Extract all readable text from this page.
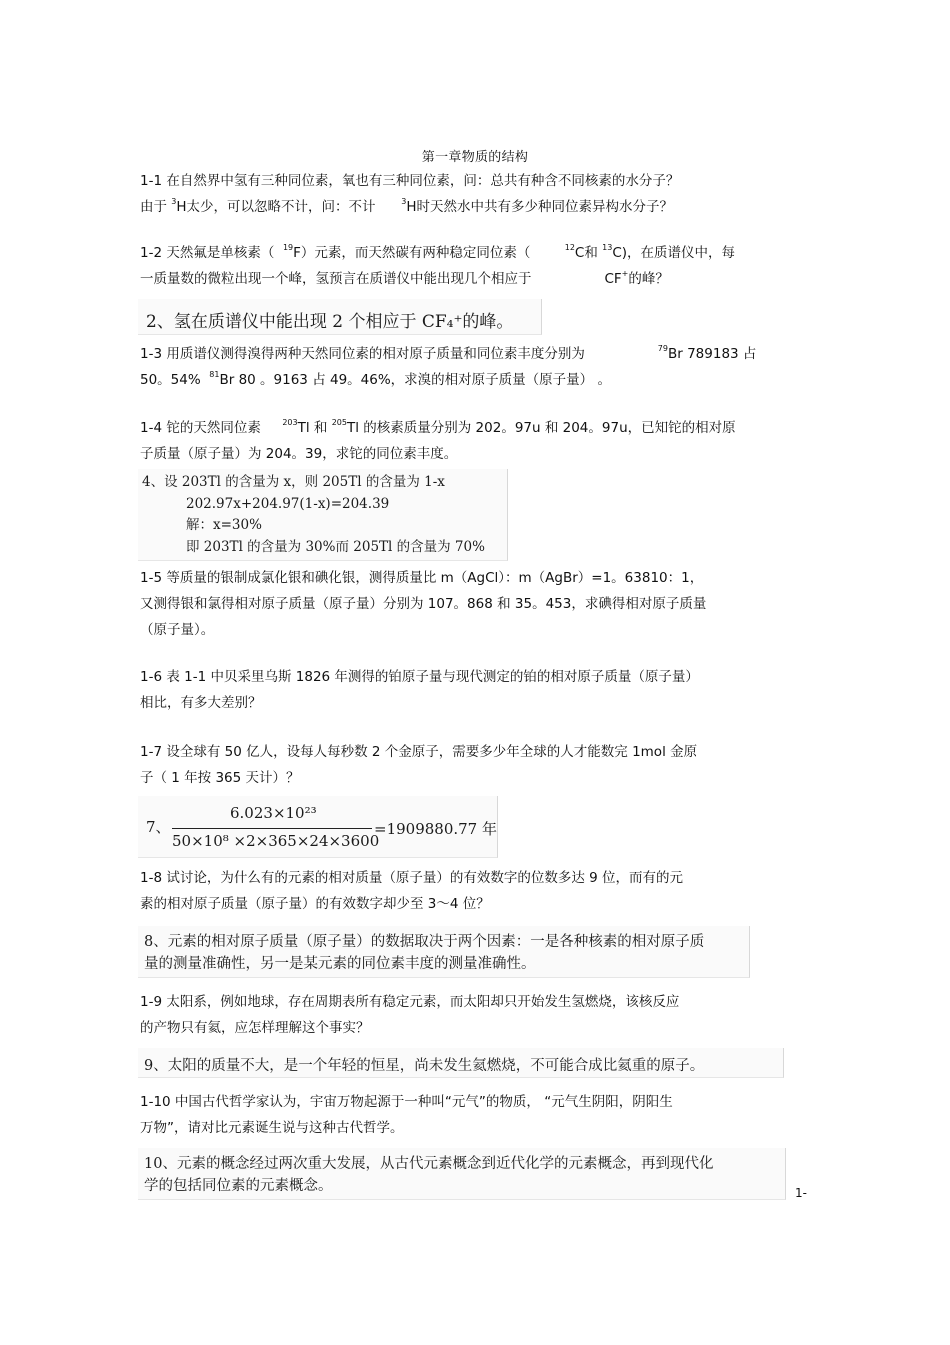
第一章物质的结构
1-1 在自然界中氢有三种同位素，氧也有三种同位素，问：总共有种含不同核素的水分子？
由于 $^3$H太少，可以忽略不计，问：不计	$^3$H时天然水中共有多少种同位素异构水分子？
1-2 天然氟是单核素（ $^{19}$F）元素，而天然碳有两种稳定同位素（	$^{12}$C和 $^{13}$C)，在质谱仪中，每
一质量数的微粒出现一个峰，氢预言在质谱仪中能出现几个相应于	CF+的峰？
2、氢在质谱仪中能出现 2 个相应于 CF₄⁺的峰。
1-3 用质谱仪测得溴得两种天然同位素的相对原子质量和同位素丰度分别为	$^{79}$Br 789183 占
50。54% $^{81}$Br 80 。9163 占 49。46%，求溴的相对原子质量（原子量） 。
1-4 铊的天然同位素	$^{203}$Tl 和 $^{205}$Tl 的核素质量分别为 202。97u 和 204。97u，已知铊的相对原
子质量（原子量）为 204。39，求铊的同位素丰度。
4、设 203Tl 的含量为 x，则 205Tl 的含量为 1-x
202.97x+204.97(1-x)=204.39
解：x=30%
即 203Tl 的含量为 30%而 205Tl 的含量为 70%
1-5 等质量的银制成氯化银和碘化银，测得质量比 m（AgCl）：m（AgBr）=1。63810：1，
又测得银和氯得相对原子质量（原子量）分别为 107。868 和 35。453，求碘得相对原子质量
（原子量）。
1-6 表 1-1 中贝采里乌斯 1826 年测得的铂原子量与现代测定的铂的相对原子质量（原子量）
相比，有多大差别？
1-7 设全球有 50 亿人，设每人每秒数 2 个金原子，需要多少年全球的人才能数完 1mol 金原
子（ 1 年按 365 天计）？
7、
6.023×10²³
50×10⁸ ×2×365×24×3600
=1909880.77 年
1-8 试讨论，为什么有的元素的相对质量（原子量）的有效数字的位数多达 9 位，而有的元
素的相对原子质量（原子量）的有效数字却少至 3～4 位？
8、元素的相对原子质量（原子量）的数据取决于两个因素：一是各种核素的相对原子质
量的测量准确性，另一是某元素的同位素丰度的测量准确性。
1-9 太阳系，例如地球，存在周期表所有稳定元素，而太阳却只开始发生氢燃烧，该核反应
的产物只有氦，应怎样理解这个事实？
9、太阳的质量不大，是一个年轻的恒星，尚未发生氦燃烧，不可能合成比氦重的原子。
1-10 中国古代哲学家认为，宇宙万物起源于一种叫“元气”的物质， “元气生阴阳，阴阳生
万物”，请对比元素诞生说与这种古代哲学。
10、元素的概念经过两次重大发展，从古代元素概念到近代化学的元素概念，再到现代化
学的包括同位素的元素概念。	1-
